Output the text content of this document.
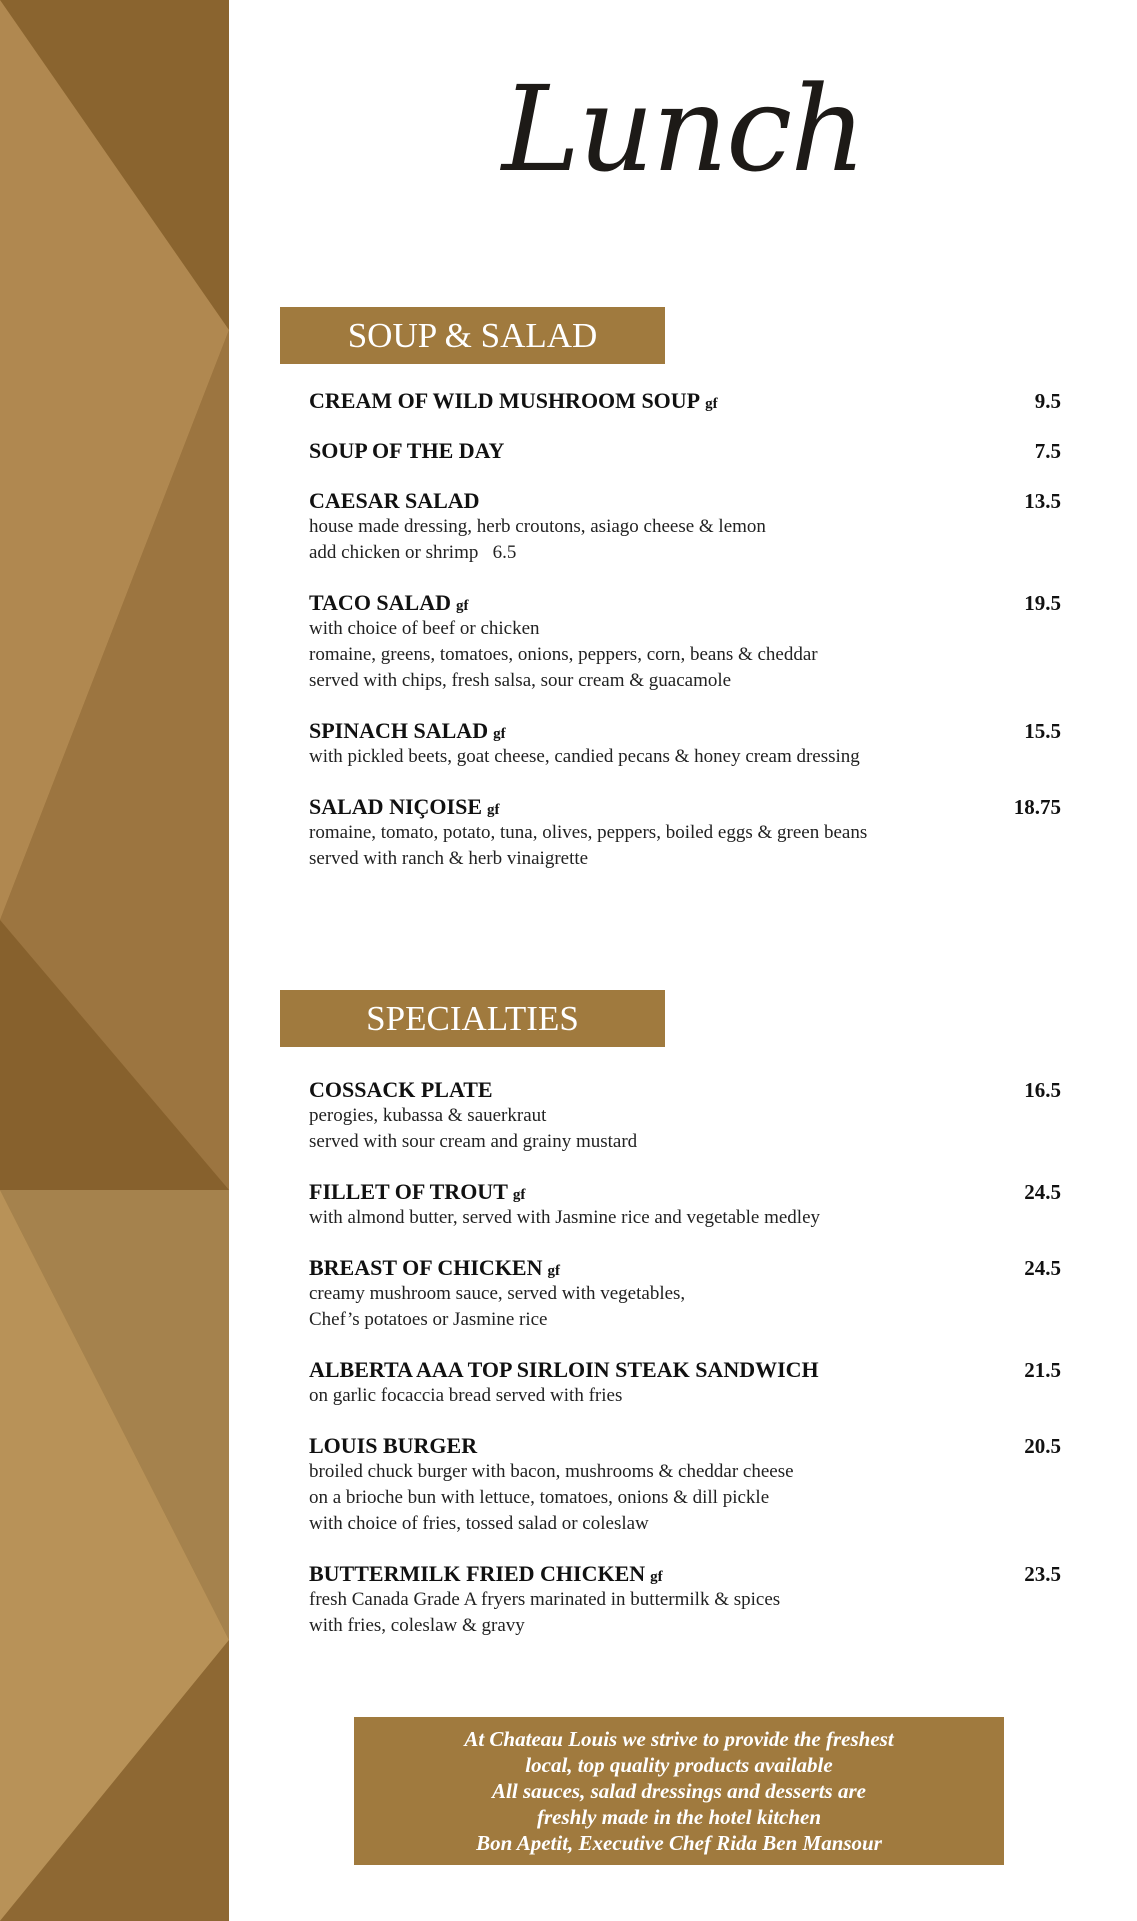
Lunch
SOUP & SALAD
CREAM OF WILD MUSHROOM SOUP gf	9.5
SOUP OF THE DAY	7.5
CAESAR SALAD	13.5
house made dressing, herb croutons, asiago cheese & lemon
add chicken or shrimp   6.5
TACO SALAD gf	19.5
with choice of beef or chicken
romaine, greens, tomatoes, onions, peppers, corn, beans & cheddar
served with chips, fresh salsa, sour cream & guacamole
SPINACH SALAD gf	15.5
with pickled beets, goat cheese, candied pecans & honey cream dressing
SALAD NIÇOISE gf	18.75
romaine, tomato, potato, tuna, olives, peppers, boiled eggs & green beans
served with ranch & herb vinaigrette
SPECIALTIES
COSSACK PLATE	16.5
perogies, kubassa & sauerkraut
served with sour cream and grainy mustard
FILLET OF TROUT gf	24.5
with almond butter, served with Jasmine rice and vegetable medley
BREAST OF CHICKEN gf	24.5
creamy mushroom sauce, served with vegetables,
Chef’s potatoes or Jasmine rice
ALBERTA AAA TOP SIRLOIN STEAK SANDWICH	21.5
on garlic focaccia bread served with fries
LOUIS BURGER	20.5
broiled chuck burger with bacon, mushrooms & cheddar cheese
on a brioche bun with lettuce, tomatoes, onions & dill pickle
with choice of fries, tossed salad or coleslaw
BUTTERMILK FRIED CHICKEN gf	23.5
fresh Canada Grade A fryers marinated in buttermilk & spices
with fries, coleslaw & gravy
At Chateau Louis we strive to provide the freshest
local, top quality products available
All sauces, salad dressings and desserts are
freshly made in the hotel kitchen
Bon Apetit, Executive Chef Rida Ben Mansour
